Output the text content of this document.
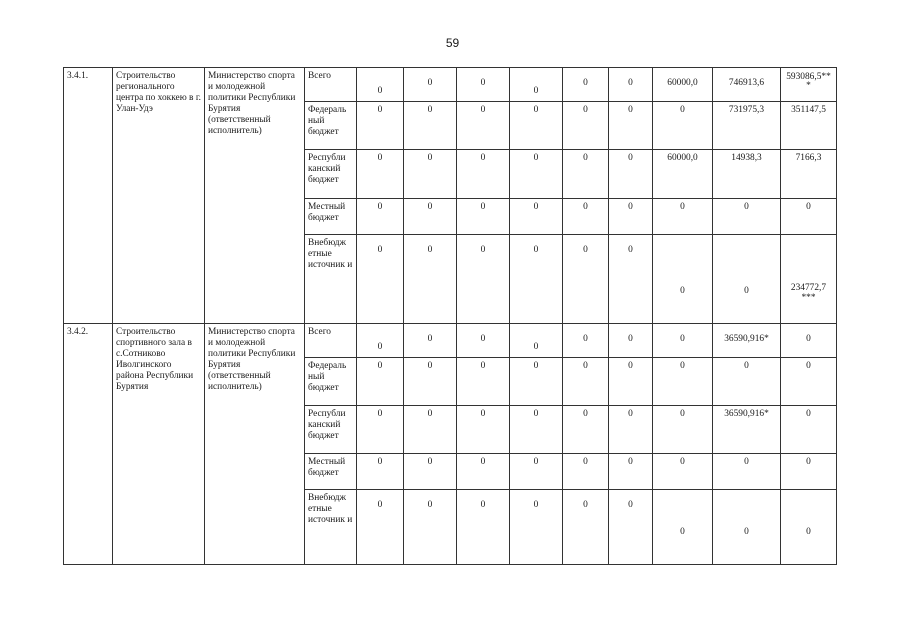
59
3.4.1.	Строительство регионального центра по хоккею в г. Улан-Удэ	Министерство спорта и молодежной политики Республики Бурятия (ответственный исполнитель)	Всего	0	0	0	0	0	0	60000,0	746913,6	593086,5***
			Федераль ный бюджет	0	0	0	0	0	0	0	731975,3	351147,5
			Республи канский бюджет	0	0	0	0	0	0	60000,0	14938,3	7166,3
			Местный бюджет	0	0	0	0	0	0	0	0	0
			Внебюдж етные источник и	0	0	0	0	0	0	0	0	234772,7 ***
3.4.2.	Строительство спортивного зала в с.Сотниково Иволгинского района Республики Бурятия	Министерство спорта и молодежной политики Республики Бурятия (ответственный исполнитель)	Всего	0	0	0	0	0	0	0	36590,916*	0
			Федераль ный бюджет	0	0	0	0	0	0	0	0	0
			Республи канский бюджет	0	0	0	0	0	0	0	36590,916*	0
			Местный бюджет	0	0	0	0	0	0	0	0	0
			Внебюдж етные источник и	0	0	0	0	0	0	0	0	0
